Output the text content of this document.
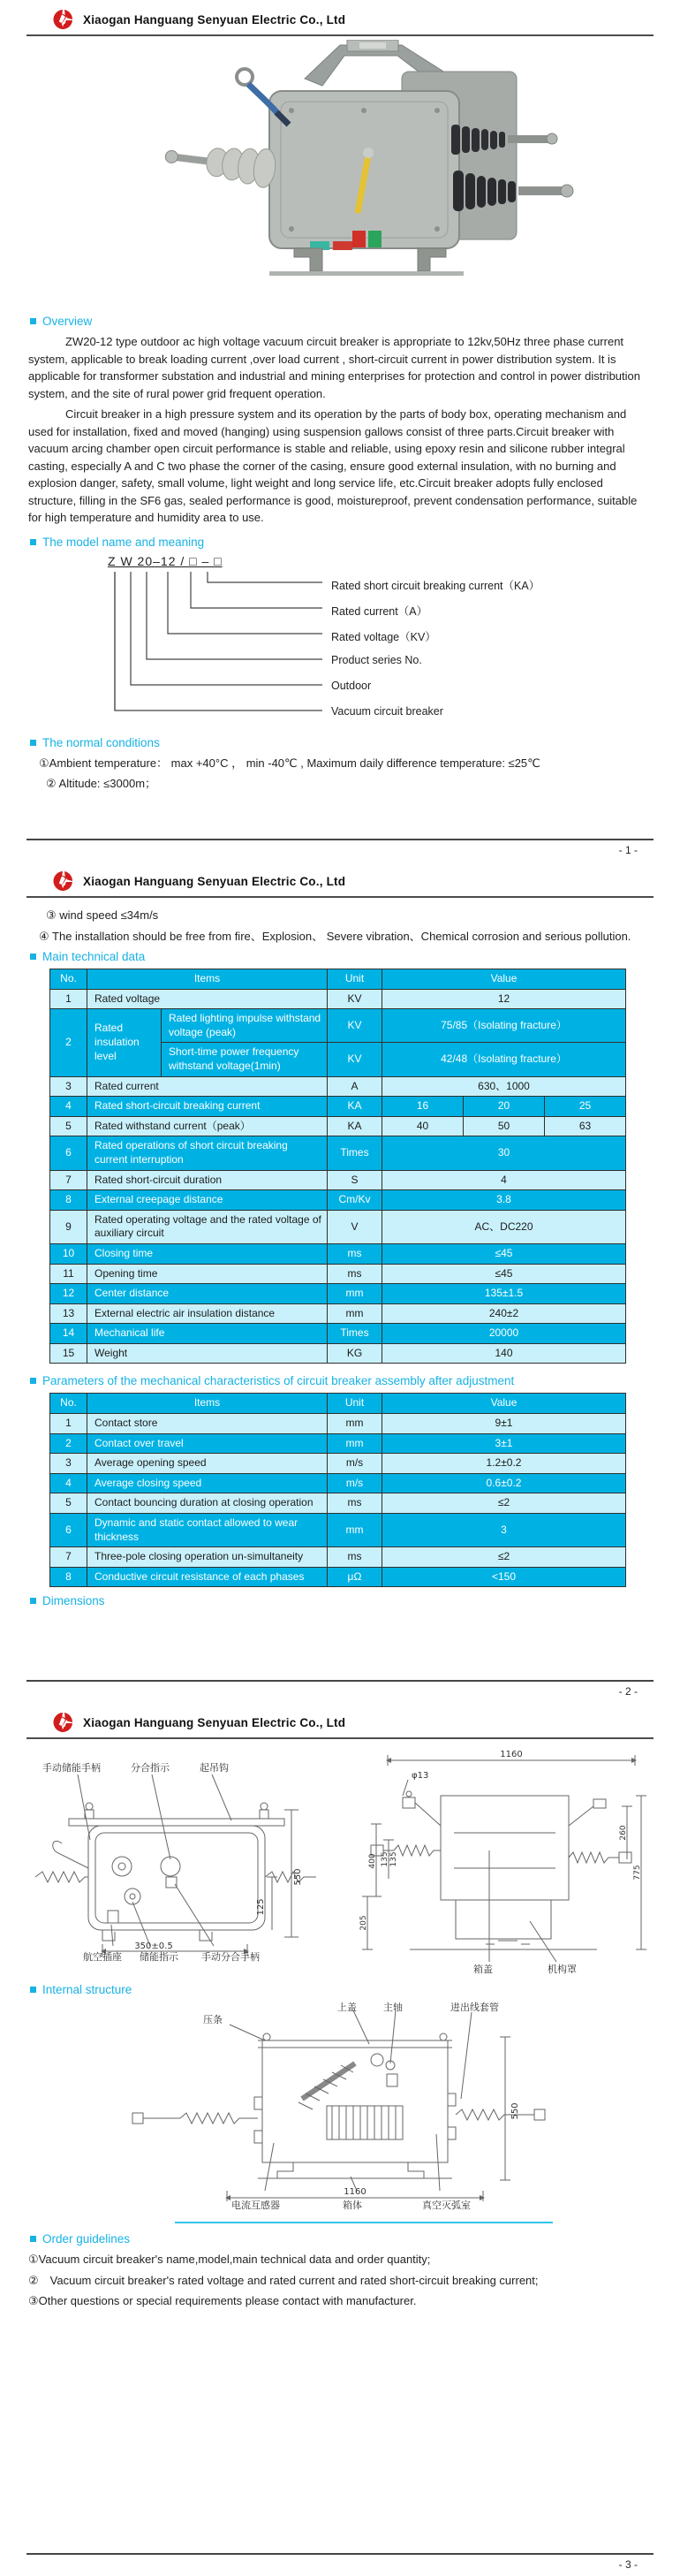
Xiaogan Hanguang Senyuan Electric Co., Ltd
Overview

ZW20-12 type outdoor ac high voltage vacuum circuit breaker is appropriate to 12kv,50Hz three phase current system, applicable to break loading current ,over load current , short-circuit current in power distribution system. It is applicable for transformer substation and industrial and mining enterprises for protection and control in power distribution system, and the site of rural power grid frequent operation.

Circuit breaker in a high pressure system and its operation by the parts of body box, operating mechanism and used for installation, fixed and moved (hanging) using suspension gallows consist of three parts.Circuit breaker with vacuum arcing chamber open circuit performance is stable and reliable, using epoxy resin and silicone rubber integral casting, especially A and C two phase the corner of the casing, ensure good external insulation, with no burning and explosion danger, safety, small volume, light weight and long service life, etc.Circuit breaker adopts fully enclosed structure, filling in the SF6 gas, sealed performance is good, moistureproof, prevent condensation performance, suitable for high temperature and humidity area to use.

The model name and meaning
Z W 20–12 / □ – □
Rated short circuit breaking current（KA）
Rated current（A）
Rated voltage（KV）
Product series No.
Outdoor
Vacuum circuit breaker
The normal conditions

①Ambient temperature： max +40°C ， min -40℃ , Maximum daily difference temperature: ≤25℃

② Altitude: ≤3000m；

- 1 -
Xiaogan Hanguang Senyuan Electric Co., Ltd

③ wind speed ≤34m/s

④ The installation should be free from fire、Explosion、 Severe vibration、Chemical corrosion and serious pollution.

Main technical data
No.	Items		Unit	Value		
1	Rated voltage		KV	12		
2	Rated insulation level	Rated lighting impulse withstand voltage (peak)	KV	75/85（Isolating fracture）		
		Short-time power frequency withstand voltage(1min)	KV	42/48（Isolating fracture）		
3	Rated current		A	630、1000		
4	Rated short-circuit breaking current		KA	16	20	25
5	Rated withstand current（peak）		KA	40	50	63
6	Rated operations of short circuit breaking current interruption		Times	30		
7	Rated short-circuit duration		S	4		
8	External creepage distance		Cm/Kv	3.8		
9	Rated operating voltage and the rated voltage of auxiliary circuit		V	AC、DC220		
10	Closing time		ms	≤45		
11	Opening time		ms	≤45		
12	Center distance		mm	135±1.5		
13	External electric air insulation distance		mm	240±2		
14	Mechanical life		Times	20000		
15	Weight		KG	140		
Parameters of the mechanical characteristics of circuit breaker assembly after adjustment
No.	Items	Unit	Value
1	Contact store	mm	9±1
2	Contact over travel	mm	3±1
3	Average opening speed	m/s	1.2±0.2
4	Average closing speed	m/s	0.6±0.2
5	Contact bouncing duration at closing operation	ms	≤2
6	Dynamic and static contact allowed to wear thickness	mm	3
7	Three-pole closing operation un-simultaneity	ms	≤2
8	Conductive circuit resistance of each phases	μΩ	<150
Dimensions
- 2 -
Xiaogan Hanguang Senyuan Electric Co., Ltd
手动储能手柄	分合指示	起吊钩
350±0.5
550
125
航空插座 储能指示 手动分合手柄
1160
φ13
400 135 135
205
260
775
箱盖	机构罩
Internal structure
上盖	主轴	进出线套管
压条
550
1160
电流互感器	箱体	真空灭弧室
Order guidelines

①Vacuum circuit breaker's name,model,main technical data and order quantity;

②　Vacuum circuit breaker's rated voltage and rated current and rated short-circuit breaking current;

③Other questions or special requirements please contact with manufacturer.

- 3 -
